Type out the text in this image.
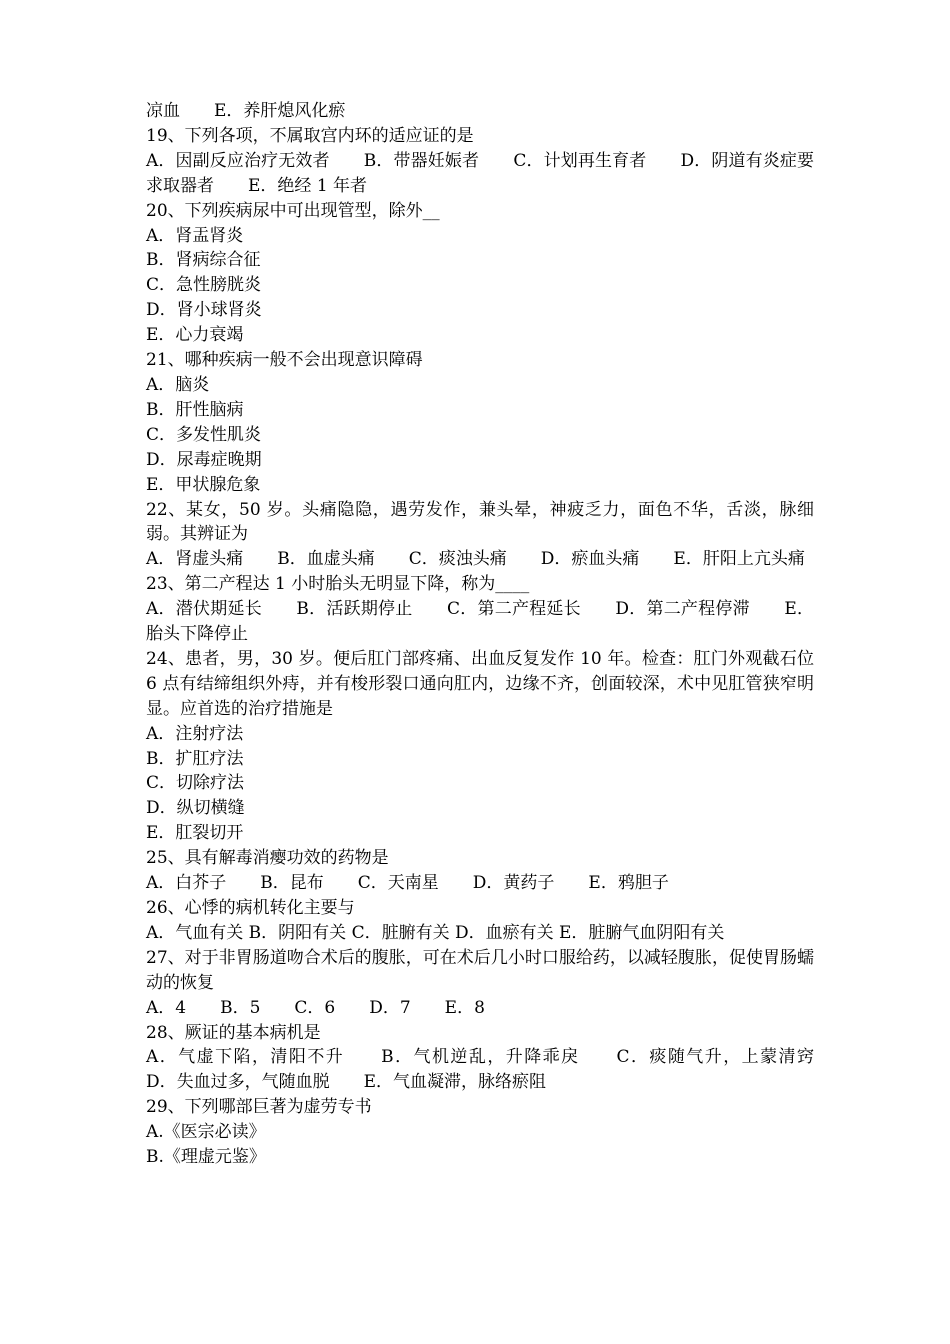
凉血　　E．养肝熄风化瘀
19、下列各项，不属取宫内环的适应证的是
A．因副反应治疗无效者　　B．带器妊娠者　　C．计划再生育者　　D．阴道有炎症要求取器者　　E．绝经 1 年者
20、下列疾病尿中可出现管型，除外__
A．肾盂肾炎
B．肾病综合征
C．急性膀胱炎
D．肾小球肾炎
E．心力衰竭
21、哪种疾病一般不会出现意识障碍
A．脑炎
B．肝性脑病
C．多发性肌炎
D．尿毒症晚期
E．甲状腺危象
22、某女，50 岁。头痛隐隐，遇劳发作，兼头晕，神疲乏力，面色不华，舌淡，脉细弱。其辨证为
A．肾虚头痛　　B．血虚头痛　　C．痰浊头痛　　D．瘀血头痛　　E．肝阳上亢头痛
23、第二产程达 1 小时胎头无明显下降，称为____
A．潜伏期延长　　B．活跃期停止　　C．第二产程延长　　D．第二产程停滞　　E．胎头下降停止
24、患者，男，30 岁。便后肛门部疼痛、出血反复发作 10 年。检查：肛门外观截石位 6 点有结缔组织外痔，并有梭形裂口通向肛内，边缘不齐，创面较深，术中见肛管狭窄明显。应首选的治疗措施是
A．注射疗法
B．扩肛疗法
C．切除疗法
D．纵切横缝
E．肛裂切开
25、具有解毒消瘿功效的药物是
A．白芥子　　B．昆布　　C．天南星　　D．黄药子　　E．鸦胆子
26、心悸的病机转化主要与
A．气血有关 B．阴阳有关 C．脏腑有关 D．血瘀有关 E．脏腑气血阴阳有关
27、对于非胃肠道吻合术后的腹胀，可在术后几小时口服给药，以减轻腹胀，促使胃肠蠕动的恢复
A．4　　B．5　　C．6　　D．7　　E．8
28、厥证的基本病机是
A．气虚下陷，清阳不升　　B．气机逆乱，升降乖戾　　C．痰随气升，上蒙清窍　　D．失血过多，气随血脱　　E．气血凝滞，脉络瘀阻
29、下列哪部巨著为虚劳专书
A.《医宗必读》
B.《理虚元鉴》
